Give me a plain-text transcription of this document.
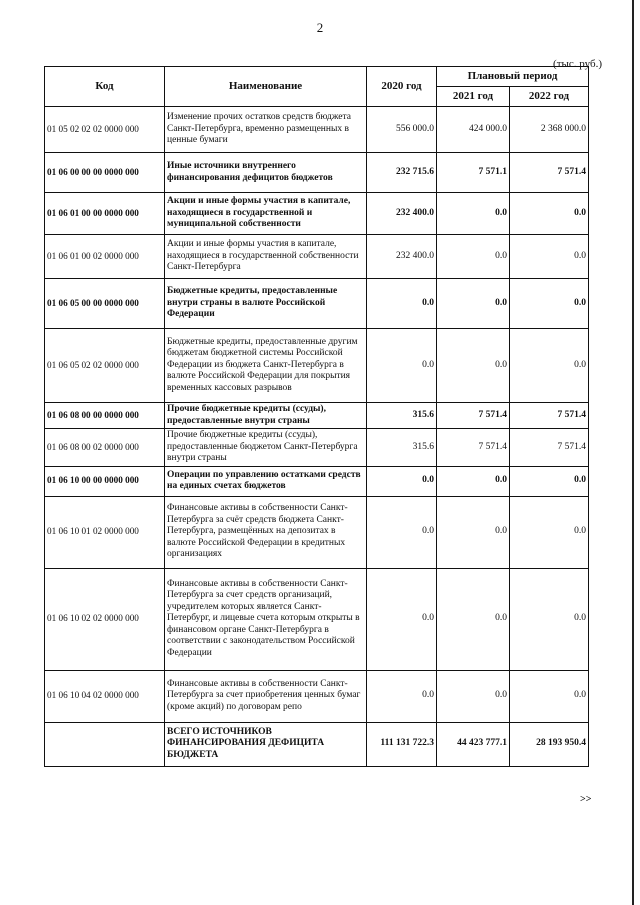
2
(тыс. руб.)
Код	Наименование	2020 год	Плановый период	
			2021 год	2022 год
01 05 02 02 02 0000 000	Изменение прочих остатков средств бюджета Санкт-Петербурга, временно размещенных в ценные бумаги	556 000.0	424 000.0	2 368 000.0
01 06 00 00 00 0000 000	Иные источники внутреннего финансирования дефицитов бюджетов	232 715.6	7 571.1	7 571.4
01 06 01 00 00 0000 000	Акции и иные формы участия в капитале, находящиеся в государственной и муниципальной собственности	232 400.0	0.0	0.0
01 06 01 00 02 0000 000	Акции и иные формы участия в капитале, находящиеся в государственной собственности Санкт-Петербурга	232 400.0	0.0	0.0
01 06 05 00 00 0000 000	Бюджетные кредиты, предоставленные внутри страны в валюте Российской Федерации	0.0	0.0	0.0
01 06 05 02 02 0000 000	Бюджетные кредиты, предоставленные другим бюджетам бюджетной системы Российской Федерации из бюджета Санкт-Петербурга в валюте Российской Федерации для покрытия временных кассовых разрывов	0.0	0.0	0.0
01 06 08 00 00 0000 000	Прочие бюджетные кредиты (ссуды), предоставленные внутри страны	315.6	7 571.4	7 571.4
01 06 08 00 02 0000 000	Прочие бюджетные кредиты (ссуды), предоставленные бюджетом Санкт-Петербурга внутри страны	315.6	7 571.4	7 571.4
01 06 10 00 00 0000 000	Операции по управлению остатками средств на единых счетах бюджетов	0.0	0.0	0.0
01 06 10 01 02 0000 000	Финансовые активы в собственности Санкт-Петербурга за счёт средств бюджета Санкт-Петербурга, размещённых на депозитах в валюте Российской Федерации в кредитных организациях	0.0	0.0	0.0
01 06 10 02 02 0000 000	Финансовые активы в собственности Санкт-Петербурга за счет средств организаций, учредителем которых является Санкт-Петербург, и лицевые счета которым открыты в финансовом органе Санкт-Петербурга в соответствии с законодательством Российской Федерации	0.0	0.0	0.0
01 06 10 04 02 0000 000	Финансовые активы в собственности Санкт-Петербурга за счет приобретения ценных бумаг (кроме акций) по договорам репо	0.0	0.0	0.0
	ВСЕГО ИСТОЧНИКОВ ФИНАНСИРОВАНИЯ ДЕФИЦИТА БЮДЖЕТА	111 131 722.3	44 423 777.1	28 193 950.4
>>
